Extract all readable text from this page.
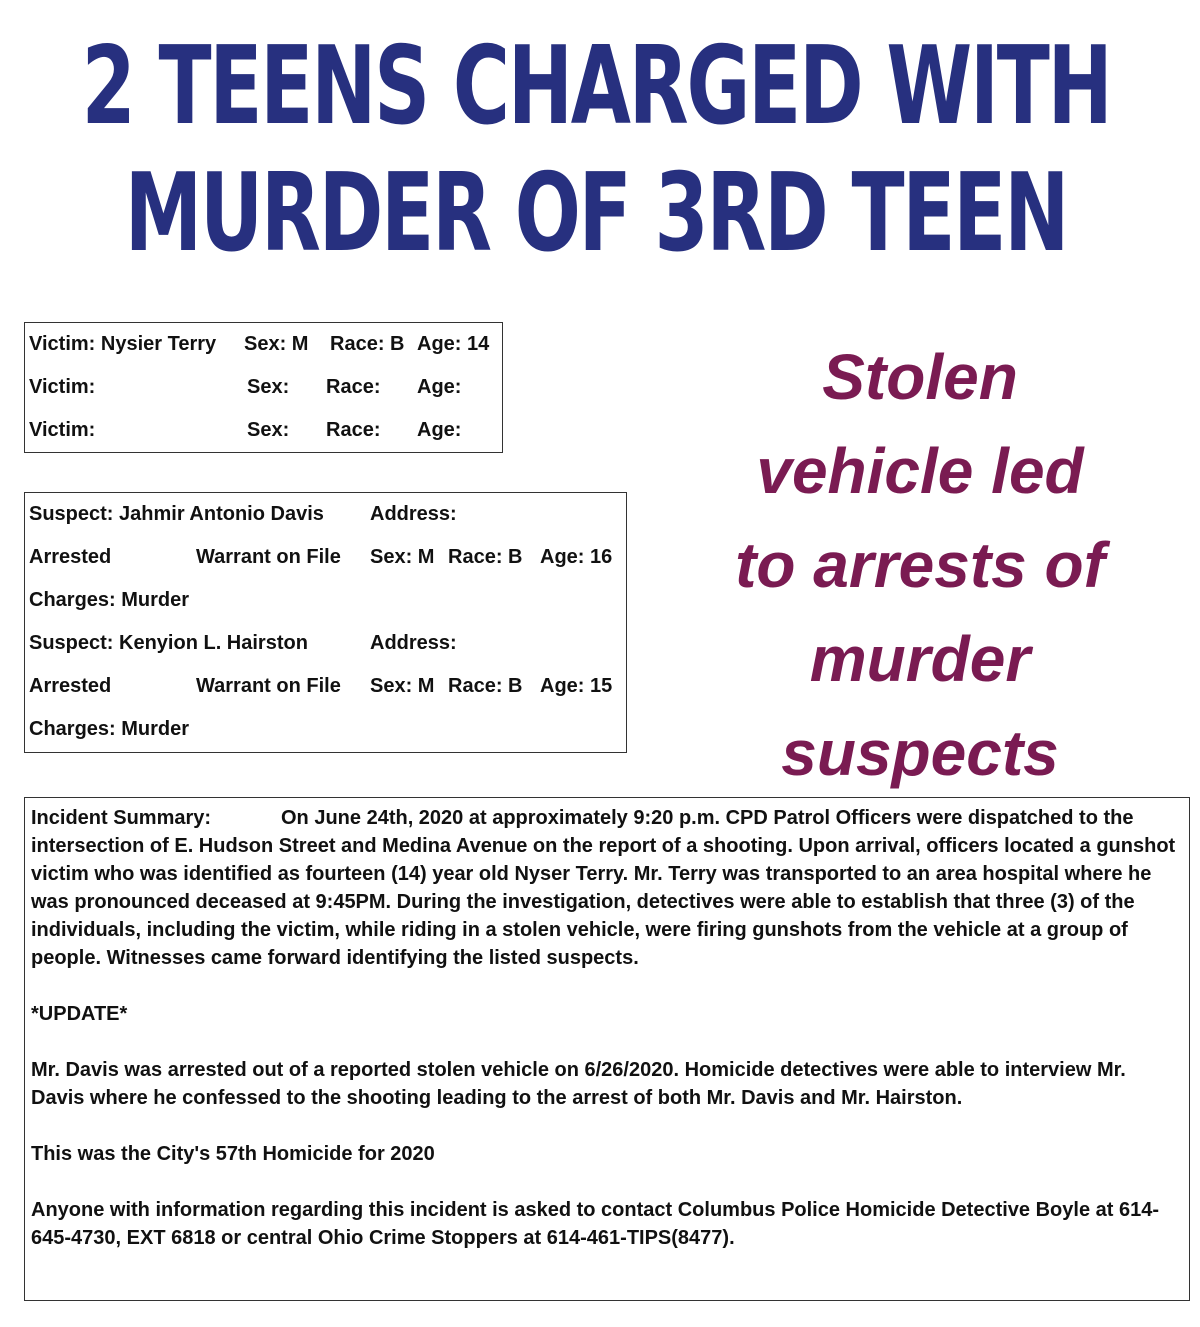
2 TEENS CHARGED WITH
MURDER OF 3RD TEEN
Victim: Nysier Terry Sex: M Race: B Age: 14
Victim:	Sex: Race: Age:
Victim:	Sex: Race: Age:
Suspect: Jahmir Antonio Davis Address:
Arrested	Warrant on File Sex: M Race: B Age: 16
Charges: Murder
Suspect: Kenyion L. Hairston	Address:
Arrested	Warrant on File Sex: M Race: B Age: 15
Charges: Murder
Stolen
vehicle led
to arrests of
murder
suspects

Incident Summary:	On June 24th, 2020 at approximately 9:20 p.m. CPD Patrol Officers were dispatched to the intersection of E. Hudson Street and Medina Avenue on the report of a shooting. Upon arrival, officers located a gunshot victim who was identified as fourteen (14) year old Nyser Terry. Mr. Terry was transported to an area hospital where he was pronounced deceased at 9:45PM. During the investigation, detectives were able to establish that three (3) of the individuals, including the victim, while riding in a stolen vehicle, were firing gunshots from the vehicle at a group of people. Witnesses came forward identifying the listed suspects.

*UPDATE*

Mr. Davis was arrested out of a reported stolen vehicle on 6/26/2020. Homicide detectives were able to interview Mr. Davis where he confessed to the shooting leading to the arrest of both Mr. Davis and Mr. Hairston.

This was the City's 57th Homicide for 2020

Anyone with information regarding this incident is asked to contact Columbus Police Homicide Detective Boyle at 614-645-4730, EXT 6818 or central Ohio Crime Stoppers at 614-461-TIPS(8477).
